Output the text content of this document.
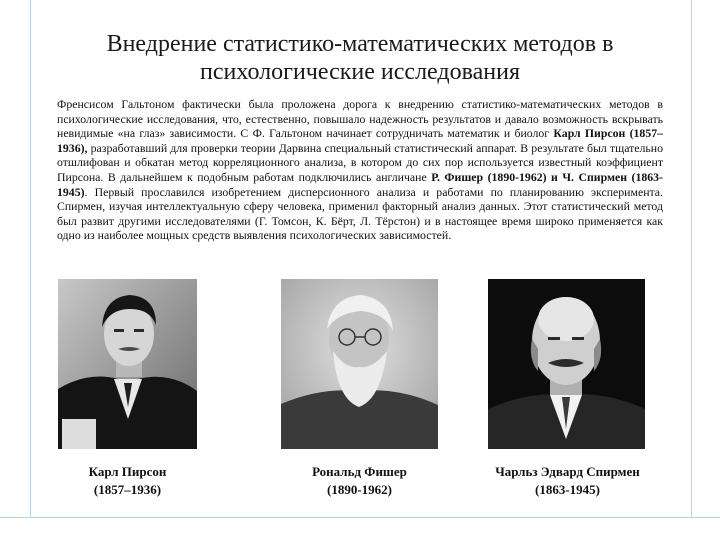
Внедрение статистико-математических методов в
психологические исследования

Френсисом Гальтоном фактически была проложена дорога к внедрению статистико-математических методов в психологические исследования, что, естественно, повышало надежность результатов и давало возможность вскрывать невидимые «на глаз» зависимости. С Ф. Гальтоном начинает сотрудничать математик и биолог Карл Пирсон (1857–1936), разработавший для проверки теории Дарвина специальный статистический аппарат. В результате был тщательно отшлифован и обкатан метод корреляционного анализа, в котором до сих пор используется известный коэффициент Пирсона. В дальнейшем к подобным работам подключились англичане Р. Фишер (1890-1962) и Ч. Спирмен (1863-1945). Первый прославился изобретением дисперсионного анализа и работами по планированию эксперимента. Спирмен, изучая интеллектуальную сферу человека, применил факторный анализ данных. Этот статистический метод был развит другими исследователями (Г. Томсон, К. Бёрт, Л. Тёрстон) и в настоящее время широко применяется как одно из наиболее мощных средств выявления психологических зависимостей.

Карл Пирсон
(1857–1936)
Рональд Фишер
(1890-1962)
Чарльз Эдвард Спирмен
(1863-1945)
